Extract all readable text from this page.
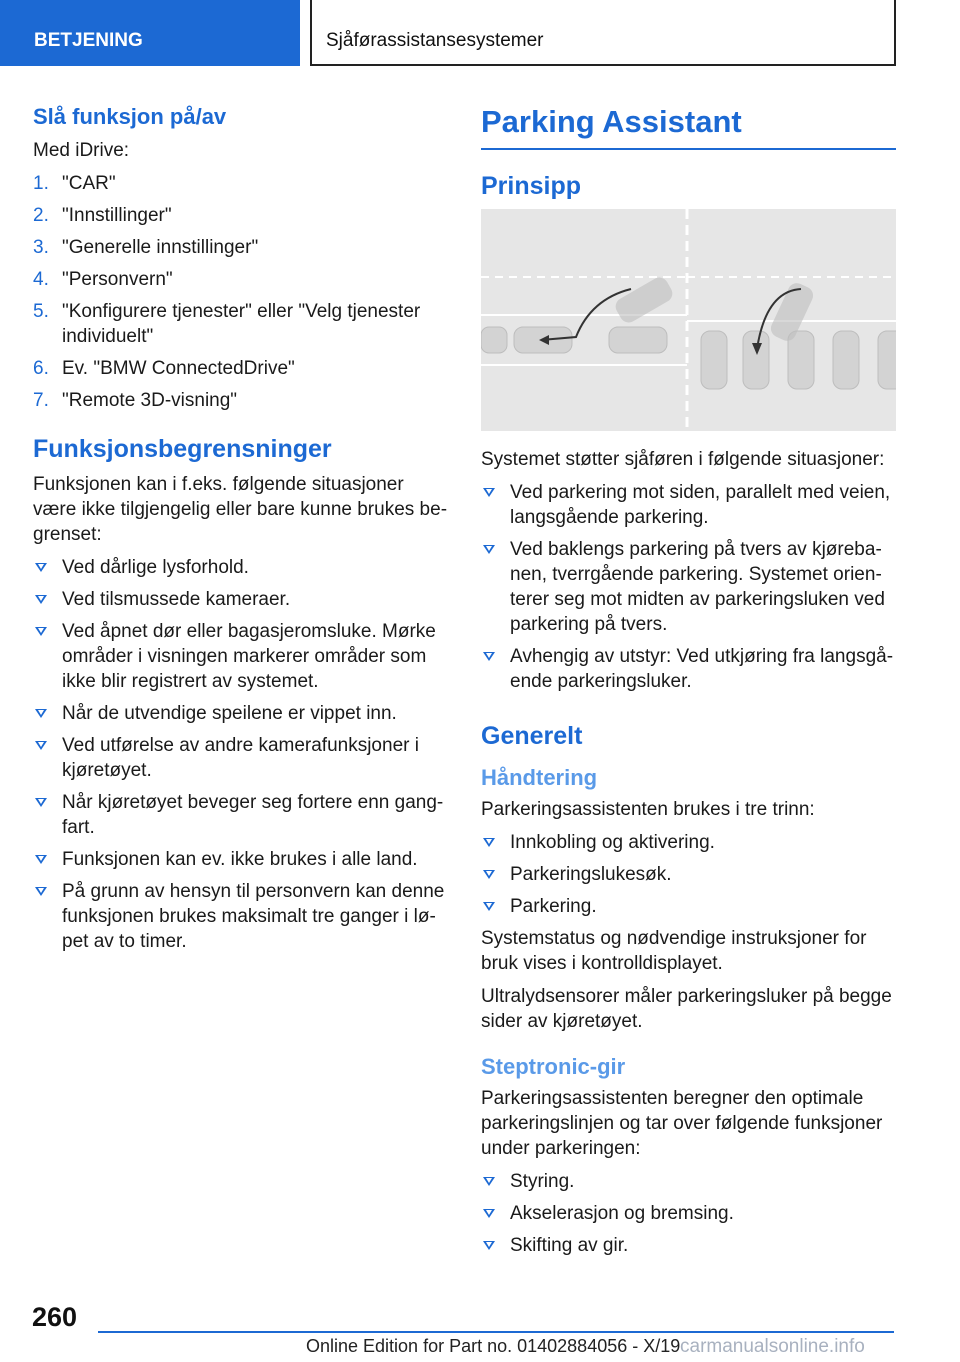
BETJENING	Sjåførassistansesystemer
Slå funksjon på/av

Med iDrive:

1. "CAR"
2. "Innstillinger"
3. "Generelle innstillinger"
4. "Personvern"
5. "Konfigurere tjenester" eller "Velg tjenester individuelt"
6. Ev. "BMW ConnectedDrive"
7. "Remote 3D-visning"
Funksjonsbegrensninger

Funksjonen kan i f.eks. følgende situasjoner være ikke tilgjengelig eller bare kunne brukes begrenset:

Ved dårlige lysforhold.
Ved tilsmussede kameraer.
Ved åpnet dør eller bagasjeromsluke. Mørke områder i visningen markerer områder som ikke blir registrert av systemet.
Når de utvendige speilene er vippet inn.
Ved utførelse av andre kamerafunksjoner i kjøretøyet.
Når kjøretøyet beveger seg fortere enn gangfart.
Funksjonen kan ev. ikke brukes i alle land.
På grunn av hensyn til personvern kan denne funksjonen brukes maksimalt tre ganger i løpet av to timer.
Parking Assistant
Prinsipp

Systemet støtter sjåføren i følgende situasjoner:

Ved parkering mot siden, parallelt med veien, langsgående parkering.
Ved baklengs parkering på tvers av kjørebanen, tverrgående parkering. Systemet orienterer seg mot midten av parkeringsluken ved parkering på tvers.
Avhengig av utstyr: Ved utkjøring fra langsgående parkeringsluker.
Generelt
Håndtering

Parkeringsassistenten brukes i tre trinn:

Innkobling og aktivering.
Parkeringslukesøk.
Parkering.

Systemstatus og nødvendige instruksjoner for bruk vises i kontrolldisplayet.

Ultralydsensorer måler parkeringsluker på begge sider av kjøretøyet.

Steptronic-gir

Parkeringsassistenten beregner den optimale parkeringslinjen og tar over følgende funksjoner under parkeringen:

Styring.
Akselerasjon og bremsing.
Skifting av gir.
260
Online Edition for Part no. 01402884056 - X/19 carmanualsonline.info
